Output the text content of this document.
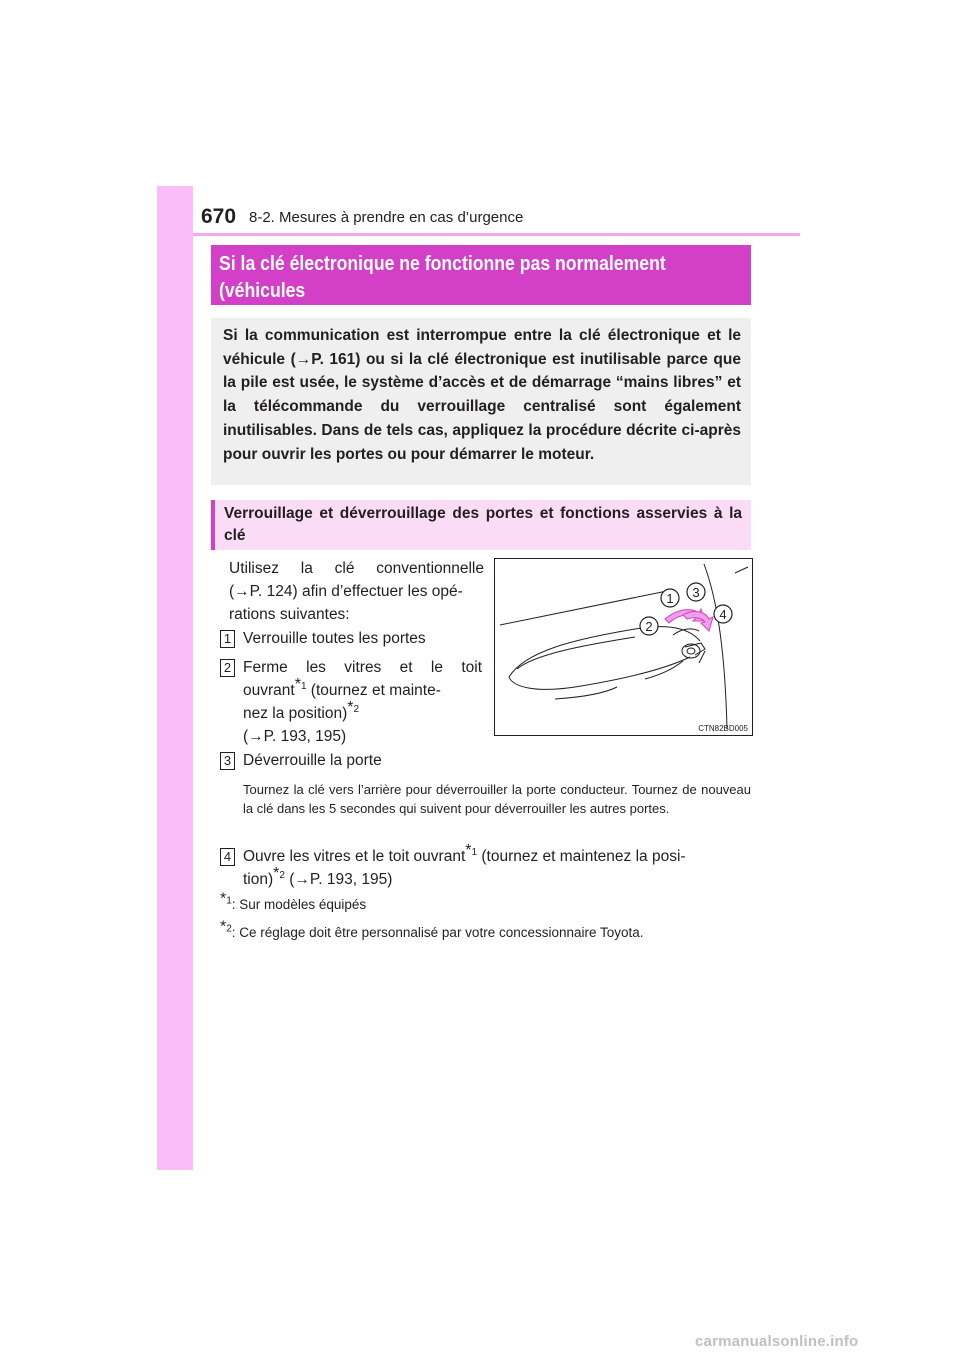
670 8-2. Mesures à prendre en cas d’urgence
Si la clé électronique ne fonctionne pas normalement (véhicules
Si la communication est interrompue entre la clé électronique et le véhicule (→P. 161) ou si la clé électronique est inutilisable parce que la pile est usée, le système d’accès et de démarrage “mains libres” et la télécommande du verrouillage centralisé sont également inutilisables. Dans de tels cas, appliquez la procédure décrite ci-après pour ouvrir les portes ou pour démarrer le moteur.
Verrouillage et déverrouillage des portes et fonctions asservies à la clé
Utilisez la clé conventionnelle
(→P. 124) afin d’effectuer les opé-
rations suivantes:
1 Verrouille toutes les portes
2 Ferme les vitres et le toit
ouvrant*$^1$ (tournez et mainte-
nez la position)*$^2$
(→P. 193, 195)
3 Déverrouille la porte
Tournez la clé vers l’arrière pour déverrouiller la porte conducteur. Tournez de nouveau la clé dans les 5 secondes qui suivent pour déverrouiller les autres portes.
4 Ouvre les vitres et le toit ouvrant*$^1$ (tournez et maintenez la posi-
tion)*$^2$ (→P. 193, 195)
*$^1$: Sur modèles équipés
*$^2$: Ce réglage doit être personnalisé par votre concessionnaire Toyota.
1
2
3
4
CTN82BD005
carmanualsonline.info
